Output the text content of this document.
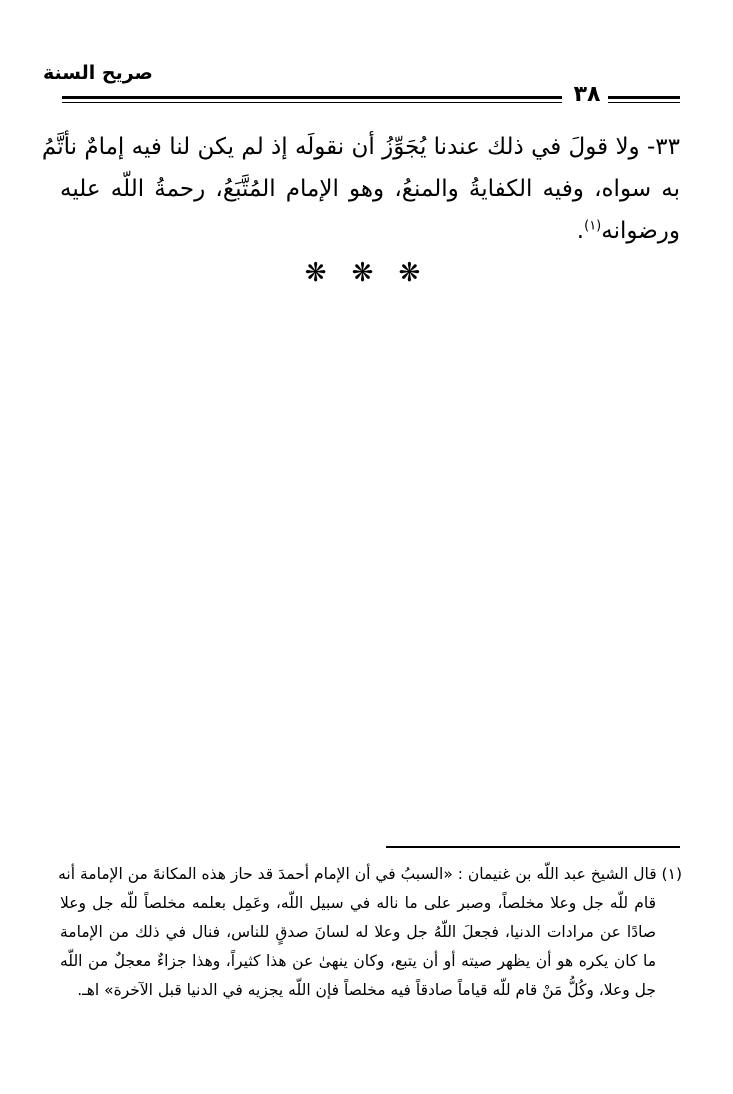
صريح السنة
٣٨
٣٣- ولا قولَ في ذلك عندنا يُجَوِّزُ أن نقولَه إذ لم يكن لنا فيه إمامٌ نأتَّمُ
به سواه، وفيه الكفايةُ والمنعُ، وهو الإمام المُتَّبَعُ، رحمةُ اللّه عليه
ورضوانه$^{(١)}$.
❋ ❋ ❋
(١) قال الشيخ عبد اللّه بن غنيمان : «السببُ في أن الإمام أحمدَ قد حاز هذه المكانةَ من الإمامة أنه
قام للّه جل وعلا مخلصاً، وصبر على ما ناله في سبيل اللّه، وعَمِل بعلمه مخلصاً للّه جل وعلا
صادًا عن مرادات الدنيا، فجعلَ اللّهُ جل وعلا له لسانَ صدقٍ للناس، فنال في ذلك من الإمامة
ما كان يكره هو أن يظهر صيته أو أن يتبع، وكان ينهىٰ عن هذا كثيراً، وهذا جزاءٌ معجلٌ من اللّه
جل وعلا، وكُلُّ مَنْ قام للّه قياماً صادقاً فيه مخلصاً فإن اللّه يجزيه في الدنيا قبل الآخرة» اهـ.
